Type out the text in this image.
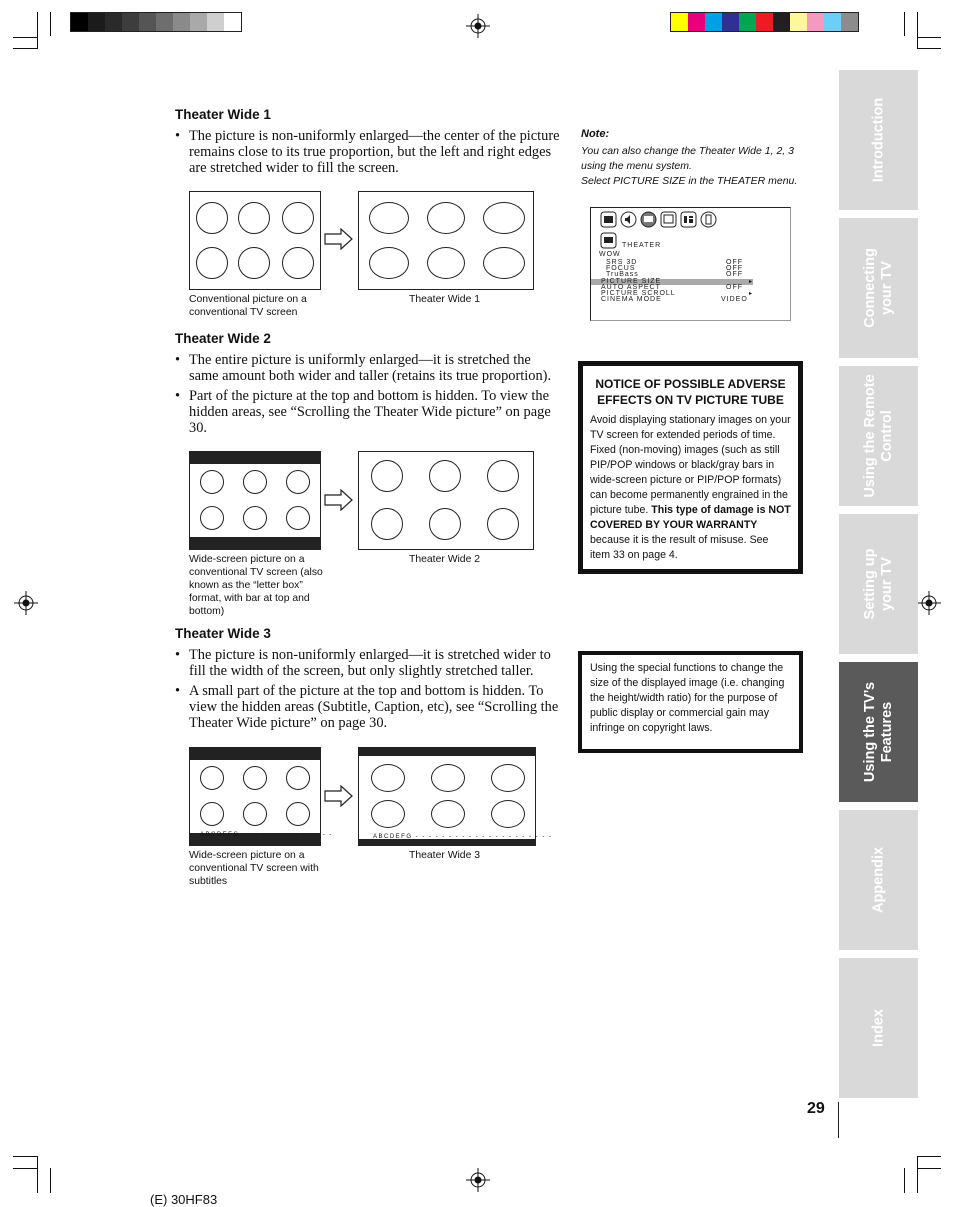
Theater Wide 1
• The picture is non-uniformly enlarged—the center of the picture remains close to its true proportion, but the left and right edges are stretched wider to fill the screen.
Conventional picture on a conventional TV screen
Theater Wide 1
Theater Wide 2
• The entire picture is uniformly enlarged—it is stretched the same amount both wider and taller (retains its true proportion).
• Part of the picture at the top and bottom is hidden. To view the hidden areas, see “Scrolling the Theater Wide picture” on page 30.
Wide-screen picture on a conventional TV screen (also known as the “letter box” format, with bar at top and bottom)
Theater Wide 2
Theater Wide 3
• The picture is non-uniformly enlarged—it is stretched wider to fill the width of the screen, but only slightly stretched taller.
• A small part of the picture at the top and bottom is hidden. To view the hidden areas (Subtitle, Caption, etc), see “Scrolling the Theater Wide picture” on page 30.
ABCDEFG - - - - - - - - - - - - - -	ABCDEFG - - - - - - - - - - - - - - - - - - - - -
Wide-screen picture on a conventional TV screen with subtitles
Theater Wide 3
Note:
You can also change the Theater Wide 1, 2, 3
using the menu system.
Select PICTURE SIZE in the THEATER menu.
THEATER
▸
▸
WOW
SRS 3D	OFF
FOCUS	OFF
TruBass	OFF
PICTURE SIZE
AUTO ASPECT	OFF
PICTURE SCROLL
CINEMA MODE	VIDEO
NOTICE OF POSSIBLE ADVERSE EFFECTS ON TV PICTURE TUBE
Avoid displaying stationary images on your TV screen for extended periods of time. Fixed (non-moving) images (such as still PIP/POP windows or black/gray bars in wide-screen picture or PIP/POP formats) can become permanently engrained in the picture tube. This type of damage is NOT COVERED BY YOUR WARRANTY because it is the result of misuse. See item 33 on page 4.
Using the special functions to change the size of the displayed image (i.e. changing the height/width ratio) for the purpose of public display or commercial gain may infringe on copyright laws.
Introduction
Connecting your TV
Using the Remote Control
Setting up your TV
Using the TV’s Features
Appendix
Index
29
(E) 30HF83
